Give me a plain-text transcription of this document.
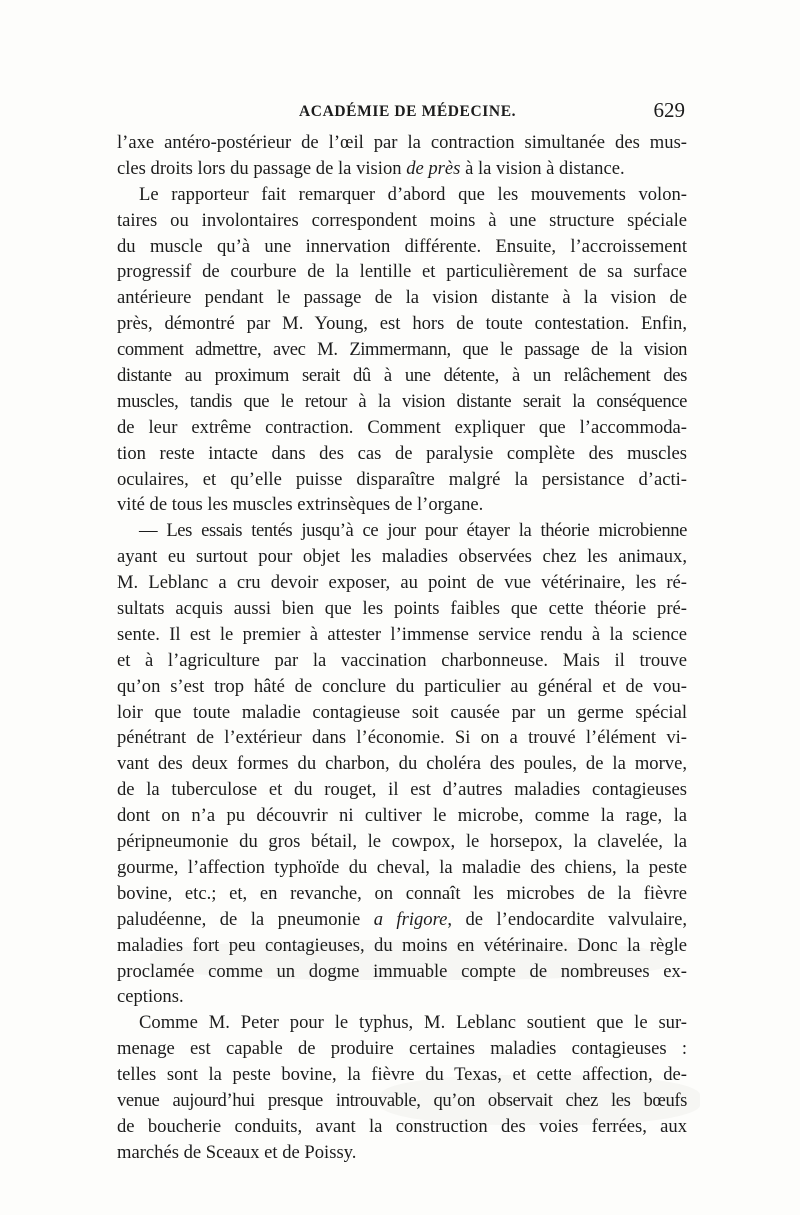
ACADÉMIE DE MÉDECINE.	629
l’axe antéro-postérieur de l’œil par la contraction simultanée des mus-
cles droits lors du passage de la vision de près à la vision à distance.
Le rapporteur fait remarquer d’abord que les mouvements volon-
taires ou involontaires correspondent moins à une structure spéciale
du muscle qu’à une innervation différente. Ensuite, l’accroissement
progressif de courbure de la lentille et particulièrement de sa surface
antérieure pendant le passage de la vision distante à la vision de
près, démontré par M. Young, est hors de toute contestation. Enfin,
comment admettre, avec M. Zimmermann, que le passage de la vision
distante au proximum serait dû à une détente, à un relâchement des
muscles, tandis que le retour à la vision distante serait la conséquence
de leur extrême contraction. Comment expliquer que l’accommoda-
tion reste intacte dans des cas de paralysie complète des muscles
oculaires, et qu’elle puisse disparaître malgré la persistance d’acti-
vité de tous les muscles extrinsèques de l’organe.
— Les essais tentés jusqu’à ce jour pour étayer la théorie microbienne
ayant eu surtout pour objet les maladies observées chez les animaux,
M. Leblanc a cru devoir exposer, au point de vue vétérinaire, les ré-
sultats acquis aussi bien que les points faibles que cette théorie pré-
sente. Il est le premier à attester l’immense service rendu à la science
et à l’agriculture par la vaccination charbonneuse. Mais il trouve
qu’on s’est trop hâté de conclure du particulier au général et de vou-
loir que toute maladie contagieuse soit causée par un germe spécial
pénétrant de l’extérieur dans l’économie. Si on a trouvé l’élément vi-
vant des deux formes du charbon, du choléra des poules, de la morve,
de la tuberculose et du rouget, il est d’autres maladies contagieuses
dont on n’a pu découvrir ni cultiver le microbe, comme la rage, la
péripneumonie du gros bétail, le cowpox, le horsepox, la clavelée, la
gourme, l’affection typhoïde du cheval, la maladie des chiens, la peste
bovine, etc.; et, en revanche, on connaît les microbes de la fièvre
paludéenne, de la pneumonie a frigore, de l’endocardite valvulaire,
maladies fort peu contagieuses, du moins en vétérinaire. Donc la règle
proclamée comme un dogme immuable compte de nombreuses ex-
ceptions.
Comme M. Peter pour le typhus, M. Leblanc soutient que le sur-
menage est capable de produire certaines maladies contagieuses :
telles sont la peste bovine, la fièvre du Texas, et cette affection, de-
venue aujourd’hui presque introuvable, qu’on observait chez les bœufs
de boucherie conduits, avant la construction des voies ferrées, aux
marchés de Sceaux et de Poissy.
